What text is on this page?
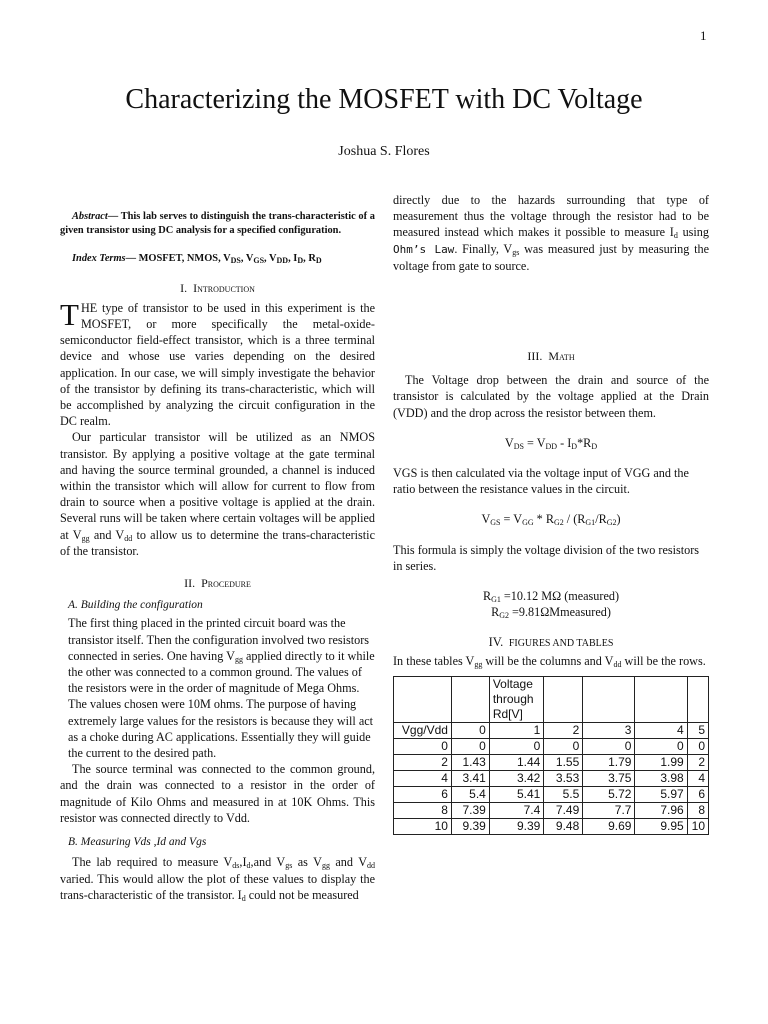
1
Characterizing the MOSFET with DC Voltage
Joshua S. Flores

Abstract— This lab serves to distinguish the trans-characteristic of a given transistor using DC analysis for a specified configuration.

Index Terms— MOSFET, NMOS, $V_{DS}$, $V_{GS}$, $V_{DD}$, $I_D$, $R_D$

I. Introduction

THE type of transistor to be used in this experiment is the MOSFET, or more specifically the metal-oxide-semiconductor field-effect transistor, which is a three terminal device and whose use varies depending on the desired application. In our case, we will simply investigate the behavior of the transistor by defining its trans-characteristic, which will be accomplished by analyzing the circuit configuration in the DC realm.

Our particular transistor will be utilized as an NMOS transistor. By applying a positive voltage at the gate terminal and having the source terminal grounded, a channel is induced within the transistor which will allow for current to flow from drain to source when a positive voltage is applied at the drain. Several runs will be taken where certain voltages will be applied at $V_{gg}$ and $V_{dd}$ to allow us to determine the trans-characteristic of the transistor.

II. Procedure

A. Building the configuration

The first thing placed in the printed circuit board was the transistor itself. Then the configuration involved two resistors connected in series. One having $V_{gg}$ applied directly to it while the other was connected to a common ground. The values of the resistors were in the order of magnitude of Mega Ohms. The values chosen were 10M ohms. The purpose of having extremely large values for the resistors is because they will act as a choke during AC applications. Essentially they will guide the current to the desired path.

The source terminal was connected to the common ground, and the drain was connected to a resistor in the order of magnitude of Kilo Ohms and measured in at 10K Ohms. This resistor was connected directly to Vdd.

B. Measuring Vds ,Id and Vgs

The lab required to measure $V_{ds},I_d,and$ $V_{gs}$ as $V_{gg}$ and $V_{dd}$ varied. This would allow the plot of these values to display the trans-characteristic of the transistor. $I_d$ could not be measured

directly due to the hazards surrounding that type of measurement thus the voltage through the resistor had to be measured instead which makes it possible to measure $I_d$ using Ohm’s Law. Finally, $V_{gs}$ was measured just by measuring the voltage from gate to source.

III. Math

The Voltage drop between the drain and source of the transistor is calculated by the voltage applied at the Drain (VDD) and the drop across the resistor between them.

$V_{DS} = V_{DD} - I_D*R_D$

VGS is then calculated via the voltage input of VGG and the ratio between the resistance values in the circuit.

$V_{GS} = V_{GG} * R_{G2} / (R_{G1}/R_{G2})$

This formula is simply the voltage division of the two resistors in series.

$R_{G1} =10.12$ MΩ (measured)

$R_{G2}$ =9.81ΩMmeasured)

IV. FIGURES AND TABLES

In these tables $V_{gg}$ will be the columns and $V_{dd}$ will be the rows.

		Voltage through Rd[V]				
Vgg/Vdd	0	1	2	3	4	5
0	0	0	0	0	0	0
2	1.43	1.44	1.55	1.79	1.99	2
4	3.41	3.42	3.53	3.75	3.98	4
6	5.4	5.41	5.5	5.72	5.97	6
8	7.39	7.4	7.49	7.7	7.96	8
10	9.39	9.39	9.48	9.69	9.95	10
